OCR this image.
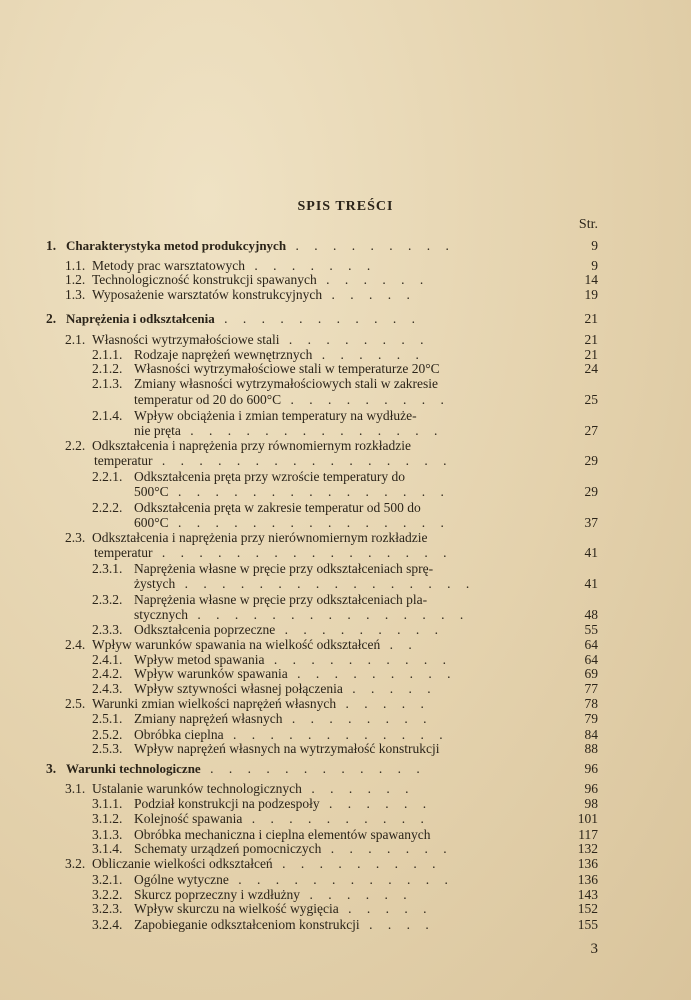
SPIS TREŚCI
Str.
1. Charakterystyka metod produkcyjnych . . . . . . . . .	9
1.1. Metody prac warsztatowych . . . . . . .	9
1.2. Technologiczność konstrukcji spawanych . . . . . .	14
1.3. Wyposażenie warsztatów konstrukcyjnych . . . . .	19
2. Naprężenia i odkształcenia . . . . . . . . . . .	21
2.1. Własności wytrzymałościowe stali . . . . . . . .	21
2.1.1. Rodzaje naprężeń wewnętrznych . . . . . .	21
2.1.2. Własności wytrzymałościowe stali w temperaturze 20°C	24
2.1.3. Zmiany własności wytrzymałościowych stali w zakresie
temperatur od 20 do 600°C . . . . . . . . .	25
2.1.4. Wpływ obciążenia i zmian temperatury na wydłuże-
nie pręta . . . . . . . . . . . . . .	27
2.2. Odkształcenia i naprężenia przy równomiernym rozkładzie
temperatur . . . . . . . . . . . . . . . .	29
2.2.1. Odkształcenia pręta przy wzroście temperatury do
500°C . . . . . . . . . . . . . . .	29
2.2.2. Odkształcenia pręta w zakresie temperatur od 500 do
600°C . . . . . . . . . . . . . . .	37
2.3. Odkształcenia i naprężenia przy nierównomiernym rozkładzie
temperatur . . . . . . . . . . . . . . . .	41
2.3.1. Naprężenia własne w pręcie przy odkształceniach sprę-
żystych . . . . . . . . . . . . . . . .	41
2.3.2. Naprężenia własne w pręcie przy odkształceniach pla-
stycznych . . . . . . . . . . . . . . .	48
2.3.3. Odkształcenia poprzeczne . . . . . . . . .	55
2.4. Wpływ warunków spawania na wielkość odkształceń . .	64
2.4.1. Wpływ metod spawania . . . . . . . . . .	64
2.4.2. Wpływ warunków spawania . . . . . . . . .	69
2.4.3. Wpływ sztywności własnej połączenia . . . . .	77
2.5. Warunki zmian wielkości naprężeń własnych . . . . .	78
2.5.1. Zmiany naprężeń własnych . . . . . . . .	79
2.5.2. Obróbka cieplna . . . . . . . . . . . .	84
2.5.3. Wpływ naprężeń własnych na wytrzymałość konstrukcji	88
3. Warunki technologiczne . . . . . . . . . . . .	96
3.1. Ustalanie warunków technologicznych . . . . . .	96
3.1.1. Podział konstrukcji na podzespoły . . . . . .	98
3.1.2. Kolejność spawania . . . . . . . . . .	101
3.1.3. Obróbka mechaniczna i cieplna elementów spawanych	117
3.1.4. Schematy urządzeń pomocniczych . . . . . . .	132
3.2. Obliczanie wielkości odkształceń . . . . . . . . .	136
3.2.1. Ogólne wytyczne . . . . . . . . . . . .	136
3.2.2. Skurcz poprzeczny i wzdłużny . . . . . .	143
3.2.3. Wpływ skurczu na wielkość wygięcia . . . . .	152
3.2.4. Zapobieganie odkształceniom konstrukcji . . . .	155
3
